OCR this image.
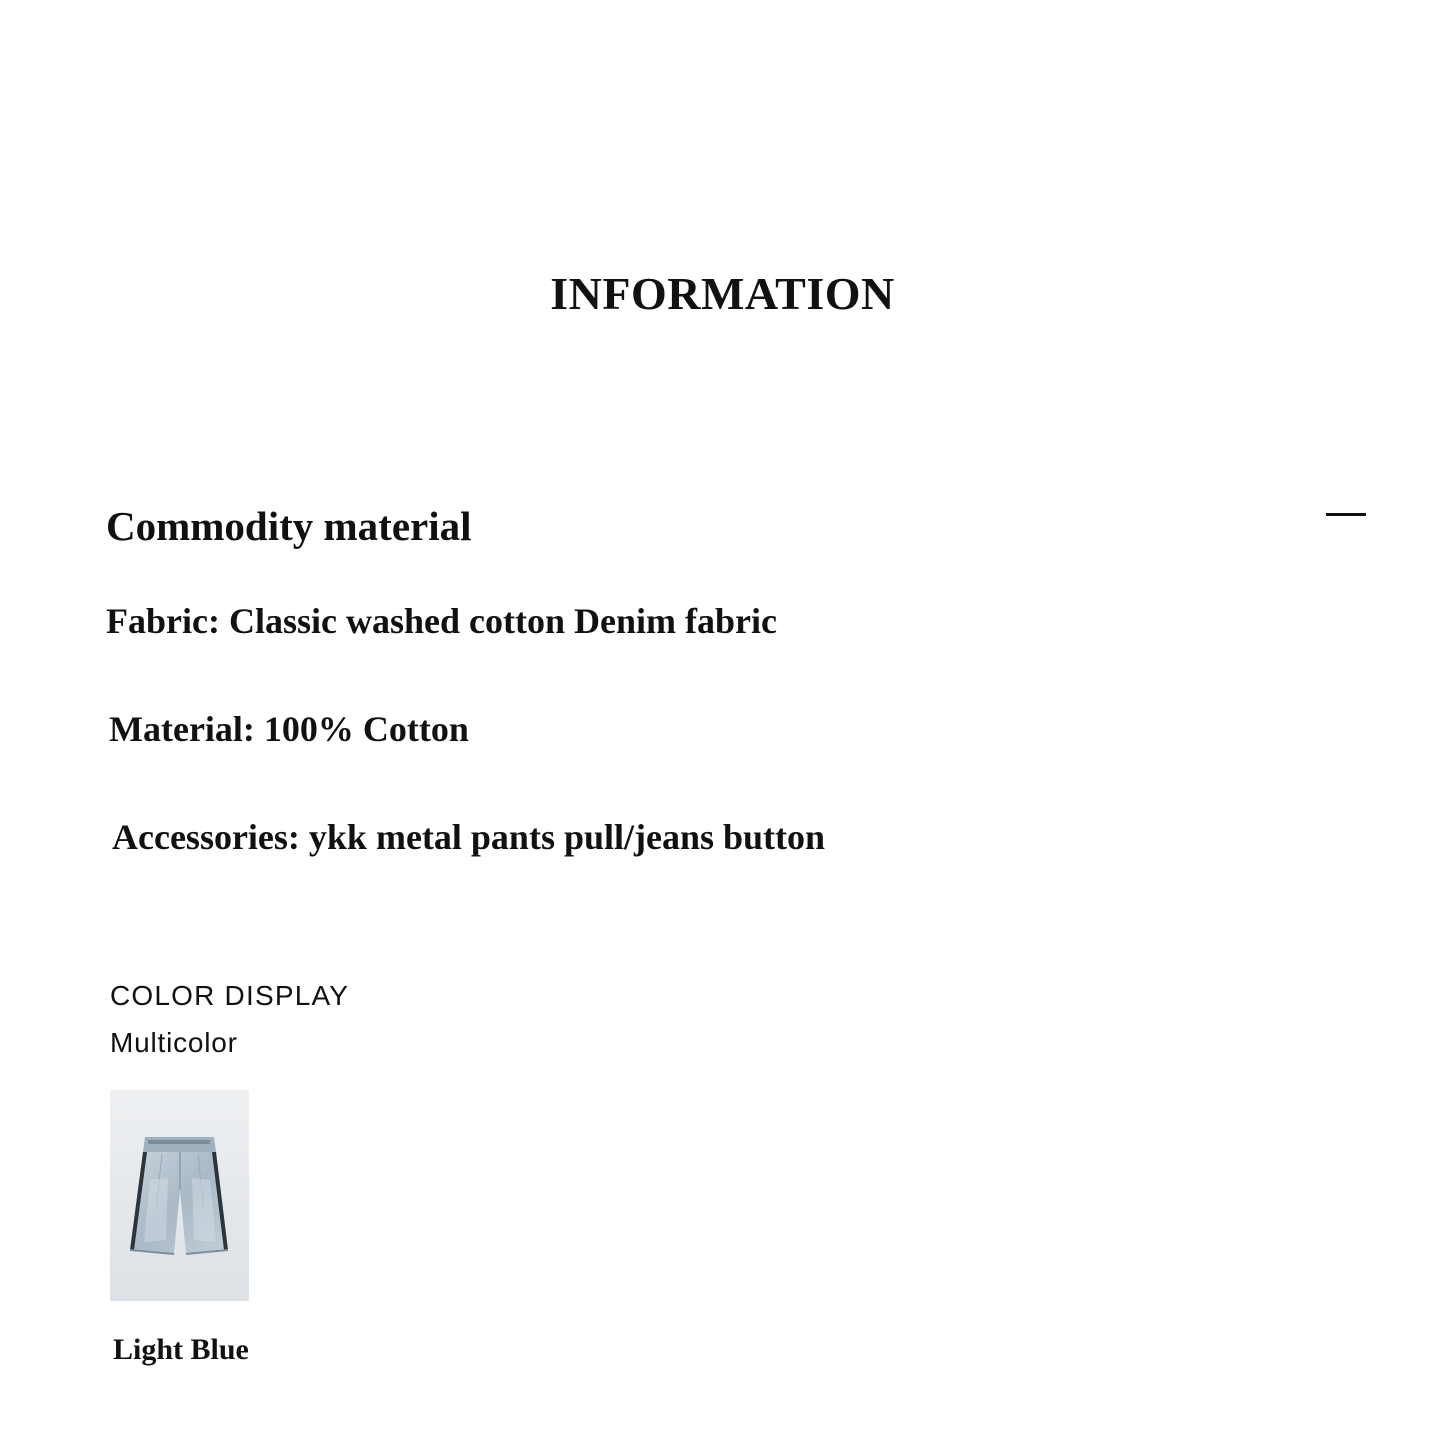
INFORMATION
Commodity material
Fabric: Classic washed cotton Denim fabric
Material: 100% Cotton
Accessories: ykk metal pants pull/jeans button
COLOR DISPLAY
Multicolor
Light Blue
